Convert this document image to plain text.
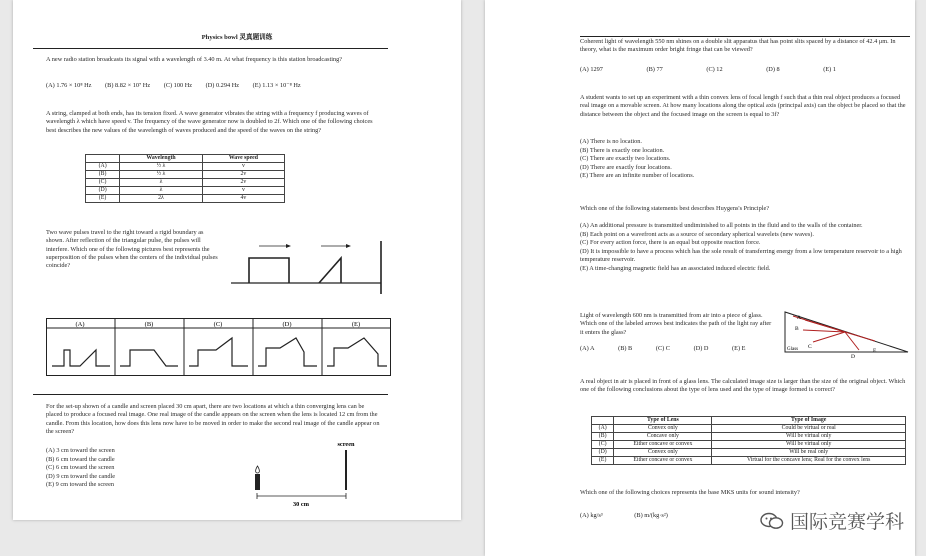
Physics bowl 灵真题训练
A new radio station broadcasts its signal with a wavelength of 3.40 m. At what frequency is this station broadcasting?
(A) 1.76 × 10⁸ Hz (B) 8.82 × 10⁷ Hz (C) 100 Hz (D) 0.294 Hz (E) 1.13 × 10⁻⁸ Hz
A string, clamped at both ends, has its tension fixed. A wave generator vibrates the string with a frequency f producing waves of wavelength λ which have speed v. The frequency of the wave generator now is doubled to 2f. Which one of the following choices best describes the new values of the wavelength of waves produced and the speed of the waves on the string?
	Wavelength	Wave speed
(A)	½ λ	v
(B)	½ λ	2v
(C)	λ	2v
(D)	λ	v
(E)	2λ	4v
Two wave pulses travel to the right toward a rigid boundary as shown. After reflection of the triangular pulse, the pulses will interfere. Which one of the following pictures best represents the superposition of the pulses when the centers of the individual pulses coincide?
(A)	(B)	(C)	(D)	(E)
For the set-up shown of a candle and screen placed 30 cm apart, there are two locations at which a thin converging lens can be placed to produce a focused real image. One real image of the candle appears on the screen when the lens is located 12 cm from the candle. From this location, how does this lens now have to be moved in order to make the second real image of the candle appear on the screen?
(A) 3 cm toward the screen
(B) 6 cm toward the candle
(C) 6 cm toward the screen
(D) 9 cm toward the candle
(E) 9 cm toward the screen
screen
30 cm
Coherent light of wavelength 550 nm shines on a double slit apparatus that has point slits spaced by a distance of 42.4 μm. In theory, what is the maximum order bright fringe that can be viewed?
(A) 1297	(B) 77	(C) 12	(D) 8	(E) 1
A student wants to set up an experiment with a thin convex lens of focal length f such that a thin real object produces a focused real image on a movable screen. At how many locations along the optical axis (principal axis) can the object be placed so that the distance between the object and the focused image on the screen is equal to 3f?
(A) There is no location.
(B) There is exactly one location.
(C) There are exactly two locations.
(D) There are exactly four locations.
(E) There are an infinite number of locations.
Which one of the following statements best describes Huygens's Principle?
(A) An additional pressure is transmitted undiminished to all points in the fluid and to the walls of the container.
(B) Each point on a wavefront acts as a source of secondary spherical wavelets (new waves).
(C) For every action force, there is an equal but opposite reaction force.
(D) It is impossible to have a process which has the sole result of transferring energy from a low temperature reservoir to a high temperature reservoir.
(E) A time-changing magnetic field has an associated induced electric field.
Light of wavelength 600 nm is transmitted from air into a piece of glass. Which one of the labeled arrows best indicates the path of the light ray after it enters the glass?
(A) A	(B) B	(C) C	(D) D	(E) E
A
B
C
D
E
Glass
A real object in air is placed in front of a glass lens. The calculated image size is larger than the size of the original object. Which one of the following conclusions about the type of lens used and the type of image formed is correct?
	Type of Lens	Type of Image
(A)	Convex only	Could be virtual or real
(B)	Concave only	Will be virtual only
(C)	Either concave or convex	Will be virtual only
(D)	Convex only	Will be real only
(E)	Either concave or convex	Virtual for the concave lens; Real for the convex lens
Which one of the following choices represents the base MKS units for sound intensity?
(A) kg/s³	(B) m/(kg·s²)	国际竞赛学科
